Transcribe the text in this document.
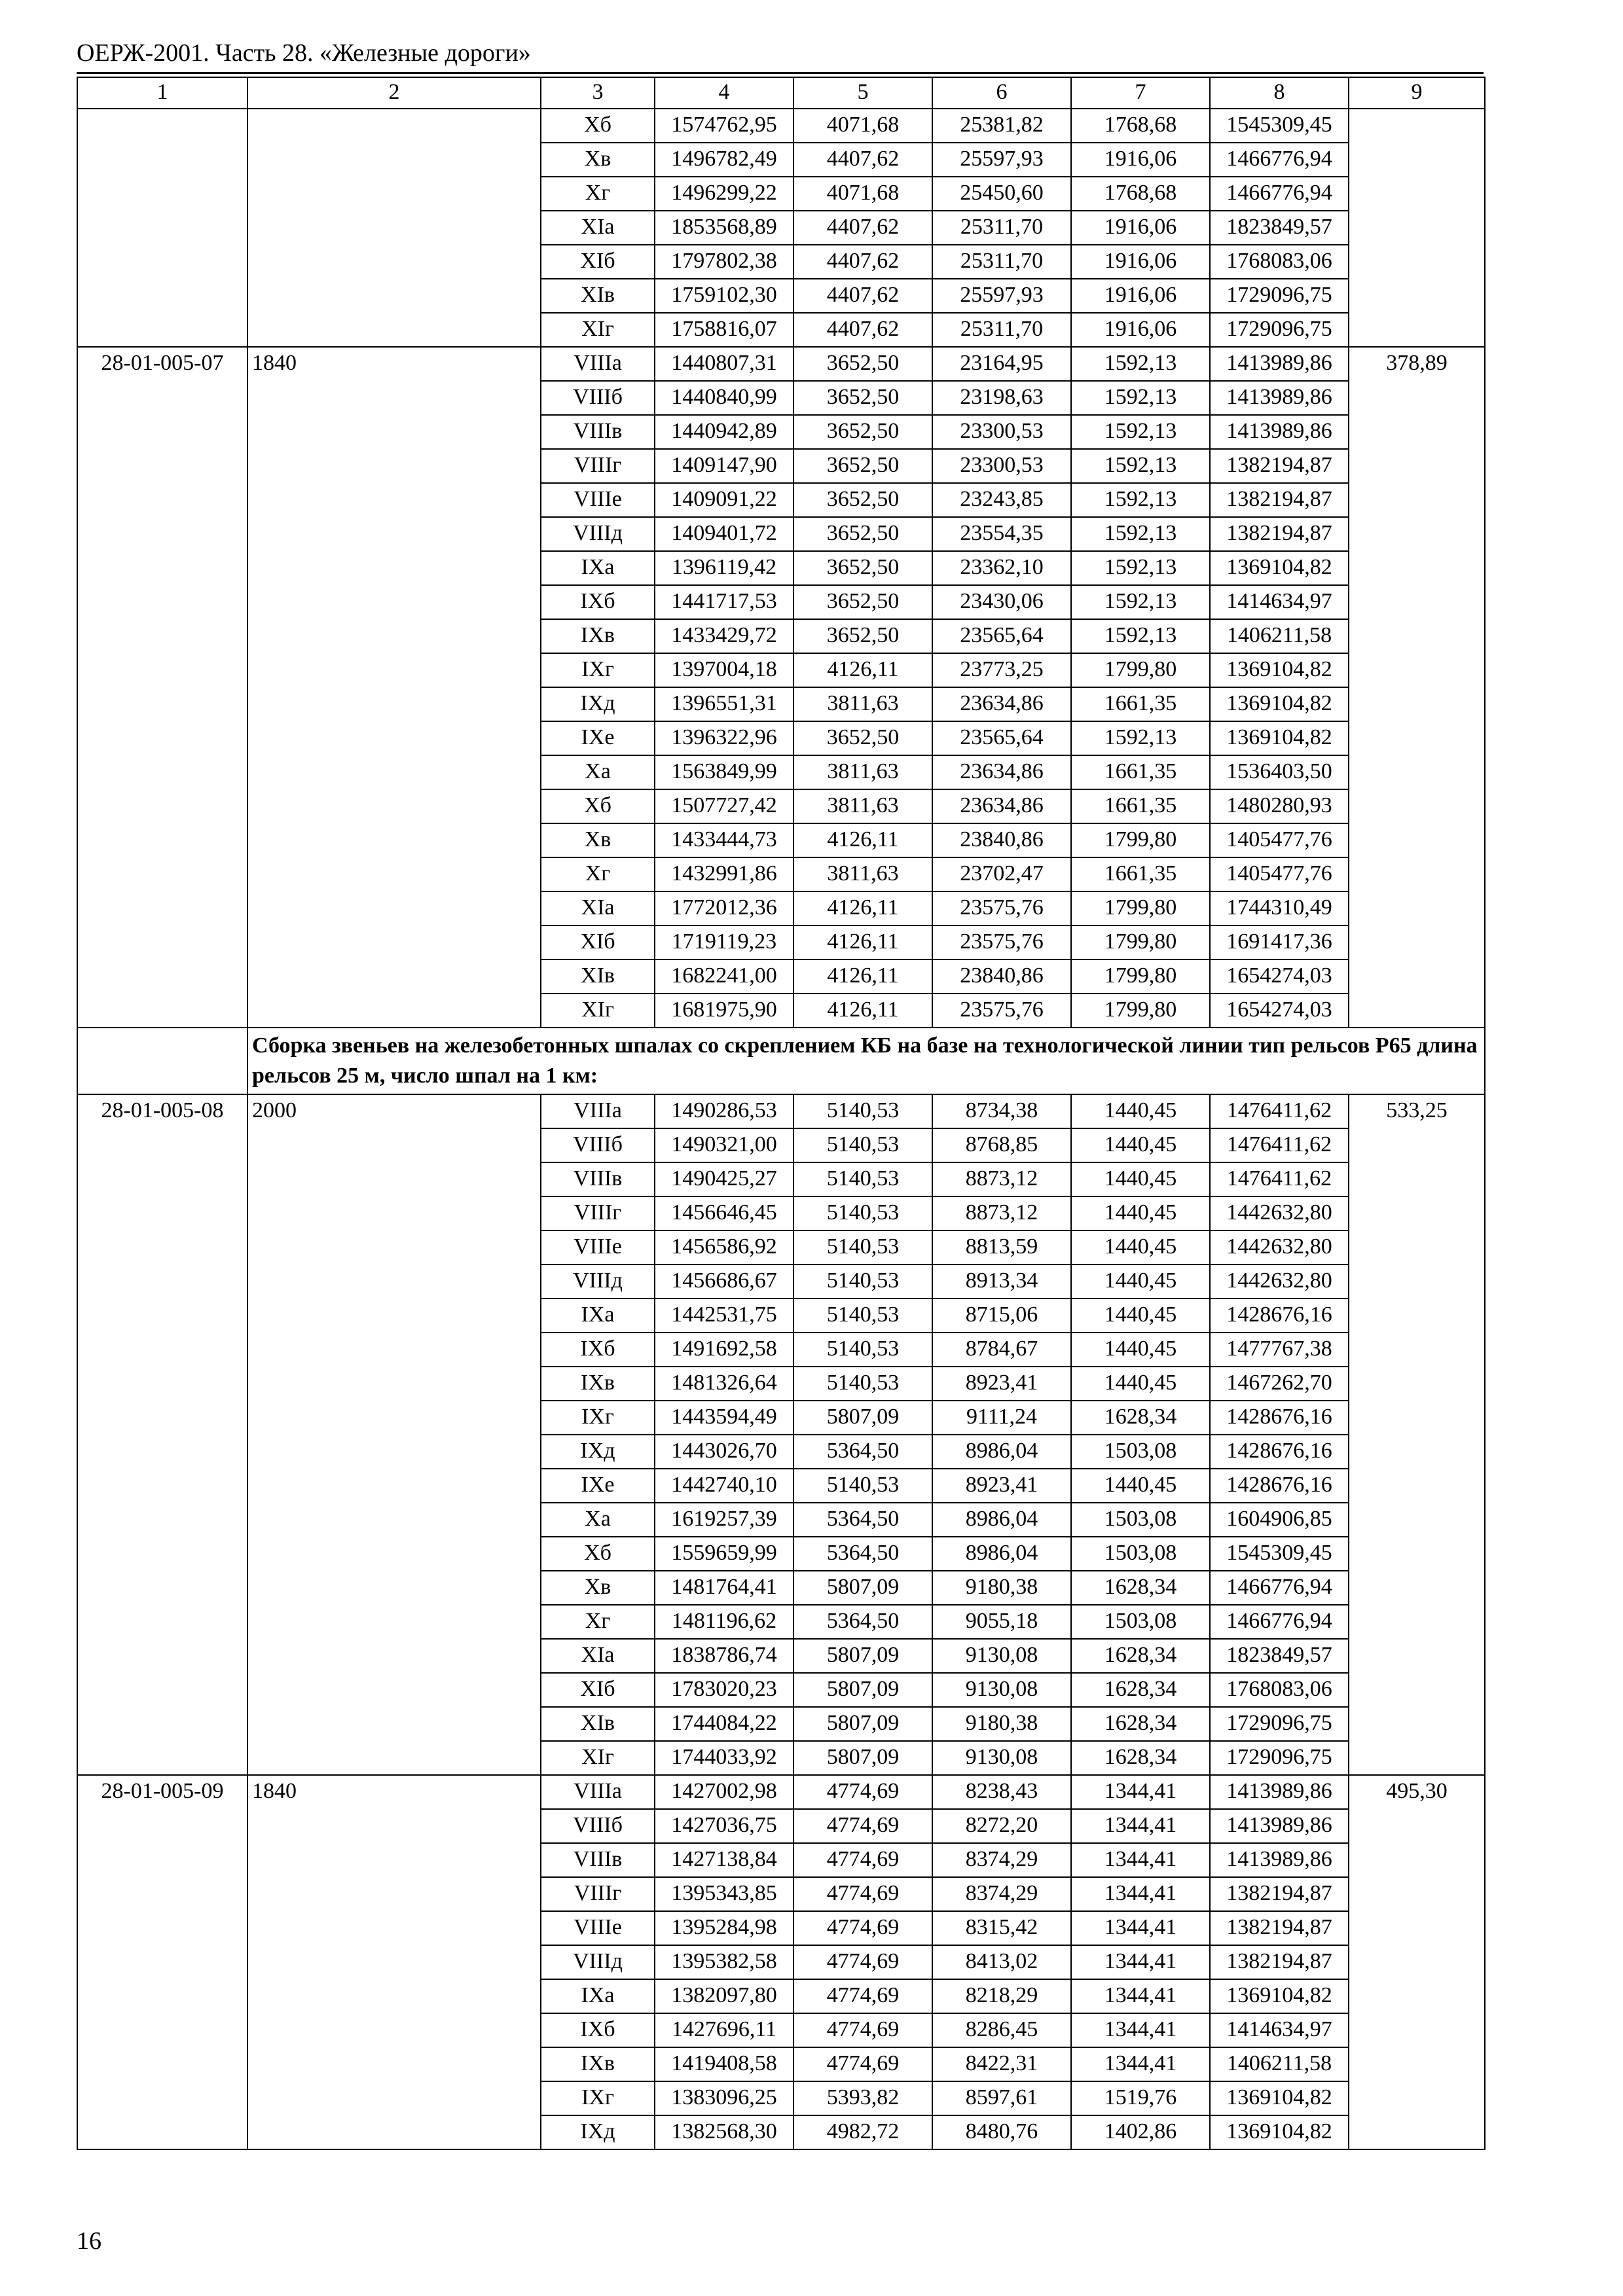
ОЕРЖ-2001. Часть 28. «Железные дороги»
1	2	3	4	5	6	7	8	9
		Xб	1574762,95	4071,68	25381,82	1768,68	1545309,45	
		Xв	1496782,49	4407,62	25597,93	1916,06	1466776,94	
		Xг	1496299,22	4071,68	25450,60	1768,68	1466776,94	
		XIа	1853568,89	4407,62	25311,70	1916,06	1823849,57	
		XIб	1797802,38	4407,62	25311,70	1916,06	1768083,06	
		XIв	1759102,30	4407,62	25597,93	1916,06	1729096,75	
		XIг	1758816,07	4407,62	25311,70	1916,06	1729096,75	
28-01-005-07	1840	VIIIа	1440807,31	3652,50	23164,95	1592,13	1413989,86	378,89
		VIIIб	1440840,99	3652,50	23198,63	1592,13	1413989,86	
		VIIIв	1440942,89	3652,50	23300,53	1592,13	1413989,86	
		VIIIг	1409147,90	3652,50	23300,53	1592,13	1382194,87	
		VIIIе	1409091,22	3652,50	23243,85	1592,13	1382194,87	
		VIIIд	1409401,72	3652,50	23554,35	1592,13	1382194,87	
		IXа	1396119,42	3652,50	23362,10	1592,13	1369104,82	
		IXб	1441717,53	3652,50	23430,06	1592,13	1414634,97	
		IXв	1433429,72	3652,50	23565,64	1592,13	1406211,58	
		IXг	1397004,18	4126,11	23773,25	1799,80	1369104,82	
		IXд	1396551,31	3811,63	23634,86	1661,35	1369104,82	
		IXе	1396322,96	3652,50	23565,64	1592,13	1369104,82	
		Xа	1563849,99	3811,63	23634,86	1661,35	1536403,50	
		Xб	1507727,42	3811,63	23634,86	1661,35	1480280,93	
		Xв	1433444,73	4126,11	23840,86	1799,80	1405477,76	
		Xг	1432991,86	3811,63	23702,47	1661,35	1405477,76	
		XIа	1772012,36	4126,11	23575,76	1799,80	1744310,49	
		XIб	1719119,23	4126,11	23575,76	1799,80	1691417,36	
		XIв	1682241,00	4126,11	23840,86	1799,80	1654274,03	
		XIг	1681975,90	4126,11	23575,76	1799,80	1654274,03	
	Сборка звеньев на железобетонных шпалах со скреплением КБ на базе на технологической линии тип рельсов Р65 длина рельсов 25 м, число шпал на 1 км:							
28-01-005-08	2000	VIIIа	1490286,53	5140,53	8734,38	1440,45	1476411,62	533,25
		VIIIб	1490321,00	5140,53	8768,85	1440,45	1476411,62	
		VIIIв	1490425,27	5140,53	8873,12	1440,45	1476411,62	
		VIIIг	1456646,45	5140,53	8873,12	1440,45	1442632,80	
		VIIIе	1456586,92	5140,53	8813,59	1440,45	1442632,80	
		VIIIд	1456686,67	5140,53	8913,34	1440,45	1442632,80	
		IXа	1442531,75	5140,53	8715,06	1440,45	1428676,16	
		IXб	1491692,58	5140,53	8784,67	1440,45	1477767,38	
		IXв	1481326,64	5140,53	8923,41	1440,45	1467262,70	
		IXг	1443594,49	5807,09	9111,24	1628,34	1428676,16	
		IXд	1443026,70	5364,50	8986,04	1503,08	1428676,16	
		IXе	1442740,10	5140,53	8923,41	1440,45	1428676,16	
		Xа	1619257,39	5364,50	8986,04	1503,08	1604906,85	
		Xб	1559659,99	5364,50	8986,04	1503,08	1545309,45	
		Xв	1481764,41	5807,09	9180,38	1628,34	1466776,94	
		Xг	1481196,62	5364,50	9055,18	1503,08	1466776,94	
		XIа	1838786,74	5807,09	9130,08	1628,34	1823849,57	
		XIб	1783020,23	5807,09	9130,08	1628,34	1768083,06	
		XIв	1744084,22	5807,09	9180,38	1628,34	1729096,75	
		XIг	1744033,92	5807,09	9130,08	1628,34	1729096,75	
28-01-005-09	1840	VIIIа	1427002,98	4774,69	8238,43	1344,41	1413989,86	495,30
		VIIIб	1427036,75	4774,69	8272,20	1344,41	1413989,86	
		VIIIв	1427138,84	4774,69	8374,29	1344,41	1413989,86	
		VIIIг	1395343,85	4774,69	8374,29	1344,41	1382194,87	
		VIIIе	1395284,98	4774,69	8315,42	1344,41	1382194,87	
		VIIIд	1395382,58	4774,69	8413,02	1344,41	1382194,87	
		IXа	1382097,80	4774,69	8218,29	1344,41	1369104,82	
		IXб	1427696,11	4774,69	8286,45	1344,41	1414634,97	
		IXв	1419408,58	4774,69	8422,31	1344,41	1406211,58	
		IXг	1383096,25	5393,82	8597,61	1519,76	1369104,82	
		IXд	1382568,30	4982,72	8480,76	1402,86	1369104,82	
16
